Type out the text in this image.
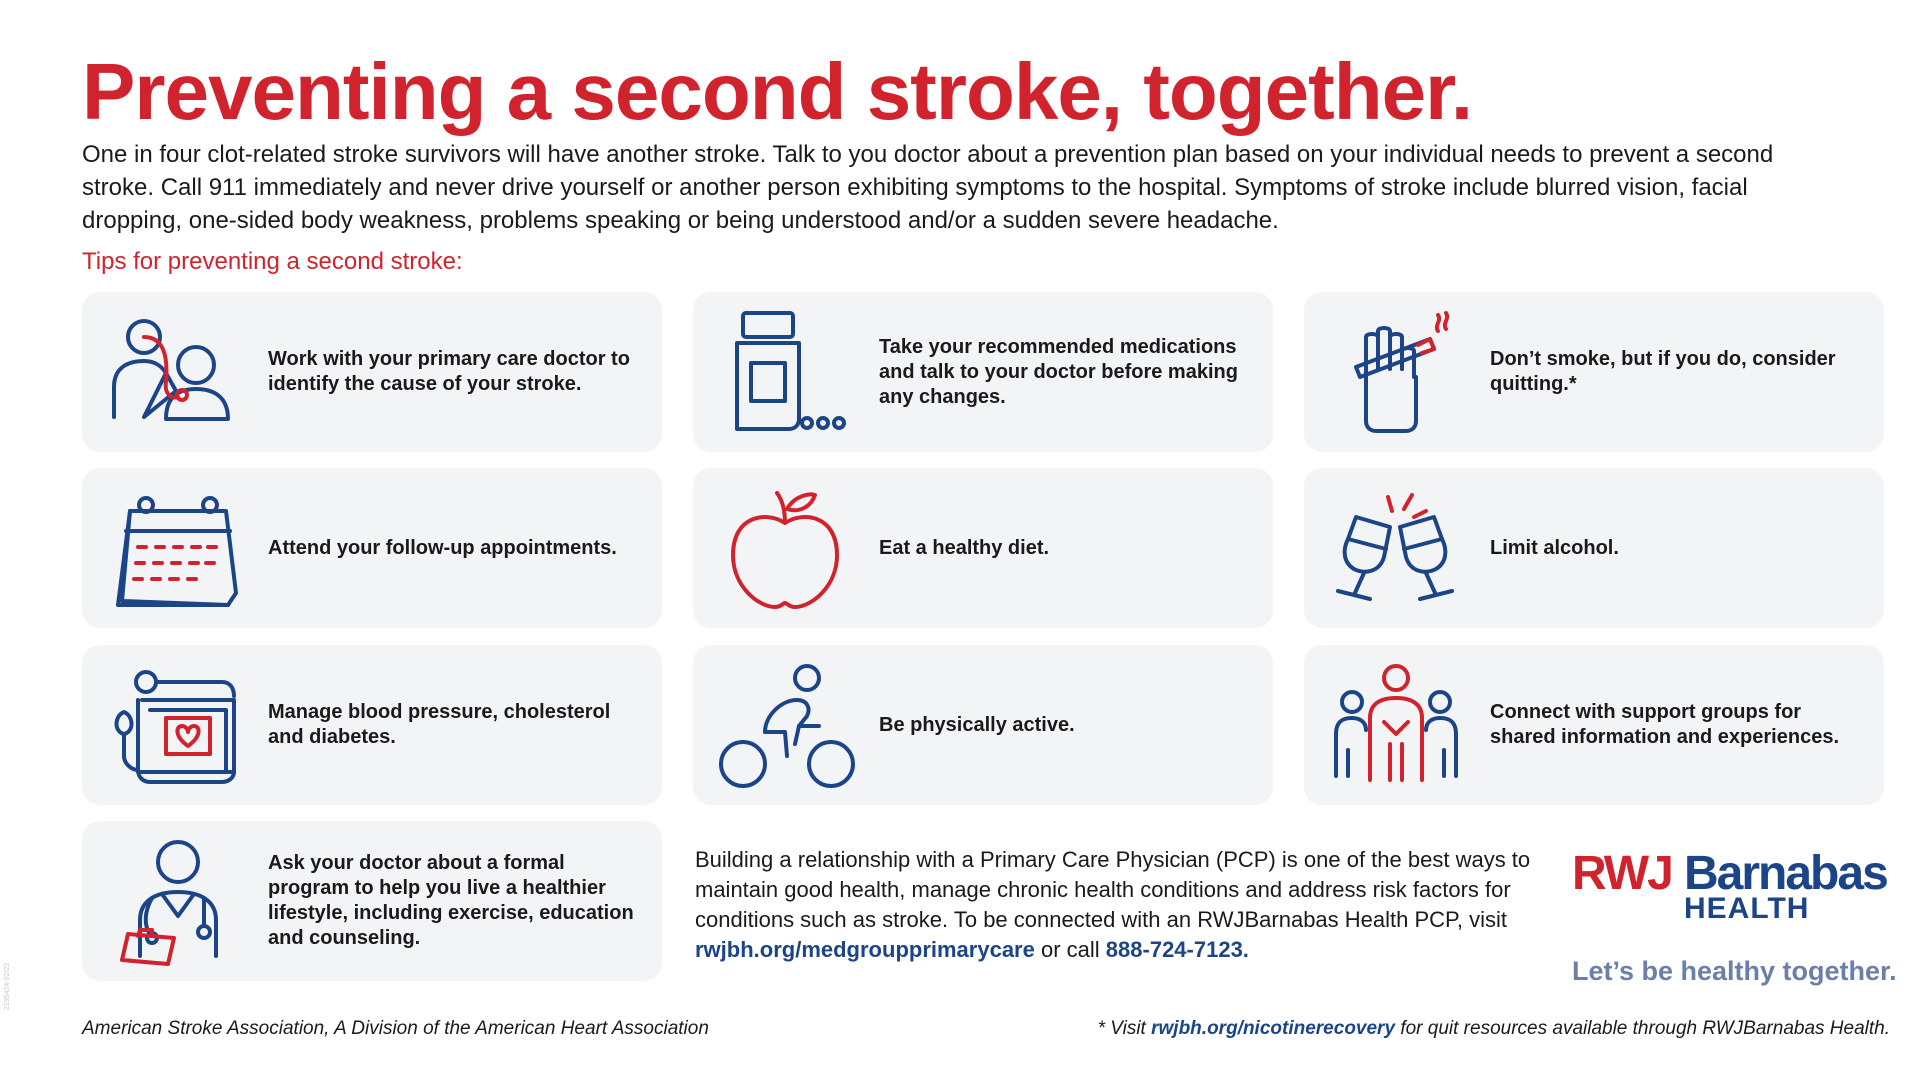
Preventing a second stroke, together.

One in four clot-related stroke survivors will have another stroke. Talk to you doctor about a prevention plan based on your individual needs to prevent a second stroke. Call 911 immediately and never drive yourself or another person exhibiting symptoms to the hospital. Symptoms of stroke include blurred vision, facial dropping, one-sided body weakness, problems speaking or being understood and/or a sudden severe headache.

Tips for preventing a second stroke:

Work with your primary care doctor to identify the cause of your stroke.
Take your recommended medications and talk to your doctor before making any changes.
Don’t smoke, but if you do, consider quitting.*
Attend your follow-up appointments.	Eat a healthy diet.	Limit alcohol.
Manage blood pressure, cholesterol and diabetes.
Be physically active.
Connect with support groups for shared information and experiences.
Ask your doctor about a formal program to help you live a healthier lifestyle, including exercise, education and counseling.

Building a relationship with a Primary Care Physician (PCP) is one of the best ways to maintain good health, manage chronic health conditions and address risk factors for conditions such as stroke. To be connected with an RWJBarnabas Health PCP, visit rwjbh.org/medgroupprimarycare or call 888-724-7123.

RWJ Barnabas
HEALTH
Let’s be healthy together.
American Stroke Association, A Division of the American Heart Association	* Visit rwjbh.org/nicotinerecovery for quit resources available through RWJBarnabas Health.
2195424-02/22
